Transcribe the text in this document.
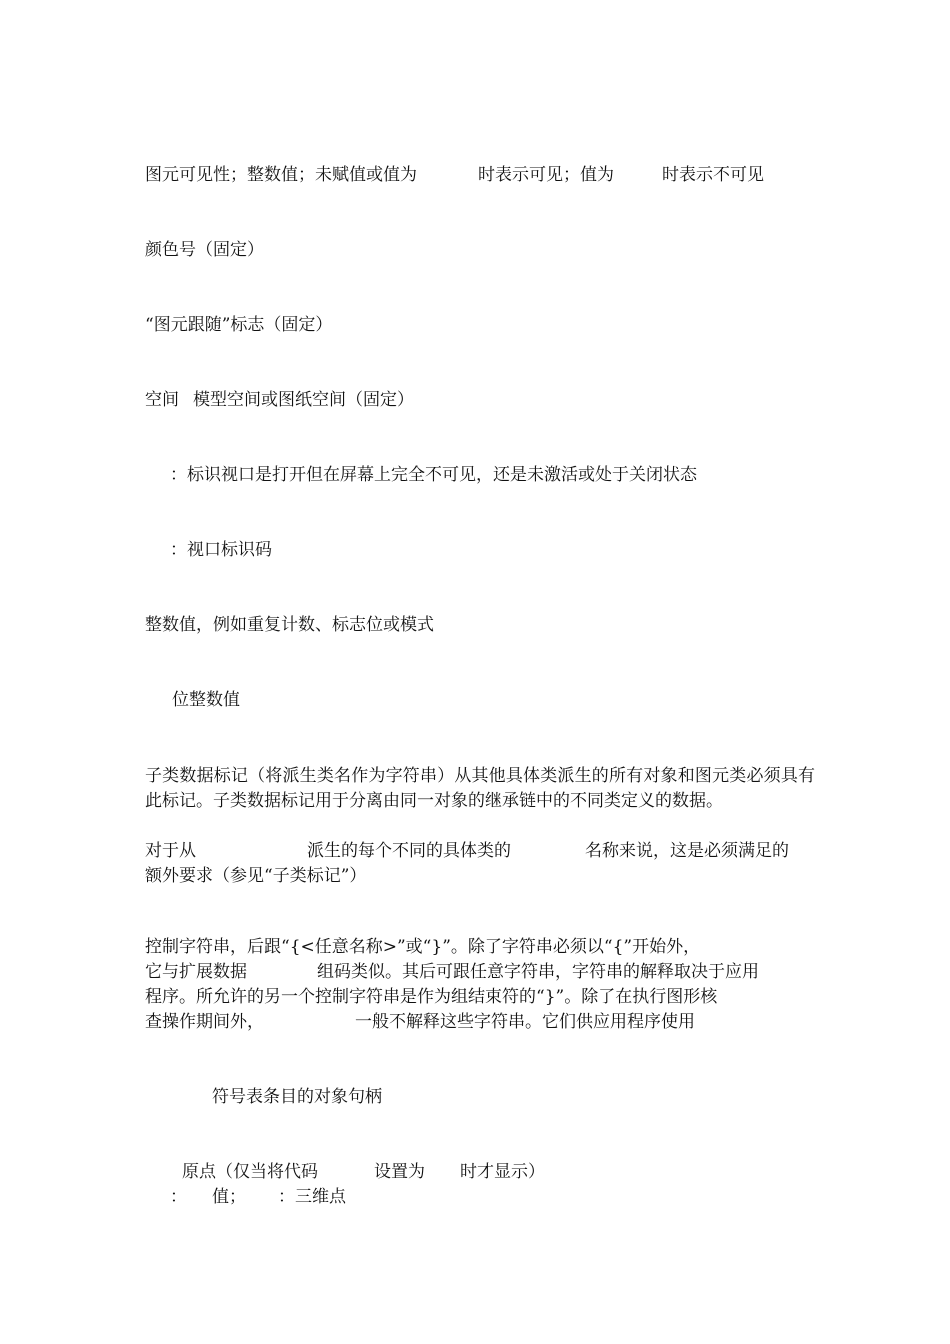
图元可见性；整数值；未赋值或值为	时表示可见；值为	时表示不可见
颜色号（固定）
“图元跟随”标志（固定）
空间 模型空间或图纸空间（固定）
：标识视口是打开但在屏幕上完全不可见，还是未激活或处于关闭状态
：视口标识码
整数值，例如重复计数、标志位或模式
位整数值
子类数据标记（将派生类名作为字符串）从其他具体类派生的所有对象和图元类必须具有此标记。子类数据标记用于分离由同一对象的继承链中的不同类定义的数据。
对于从	派生的每个不同的具体类的	名称来说，这是必须满足的
额外要求（参见“子类标记”）
控制字符串，后跟“{<任意名称>”或“}”。除了字符串必须以“{”开始外，
它与扩展数据	组码类似。其后可跟任意字符串，字符串的解释取决于应用
程序。所允许的另一个控制字符串是作为组结束符的“}”。除了在执行图形核
查操作期间外，	一般不解释这些字符串。它们供应用程序使用
符号表条目的对象句柄
原点（仅当将代码	设置为 时才显示）
： 值； ：三维点
